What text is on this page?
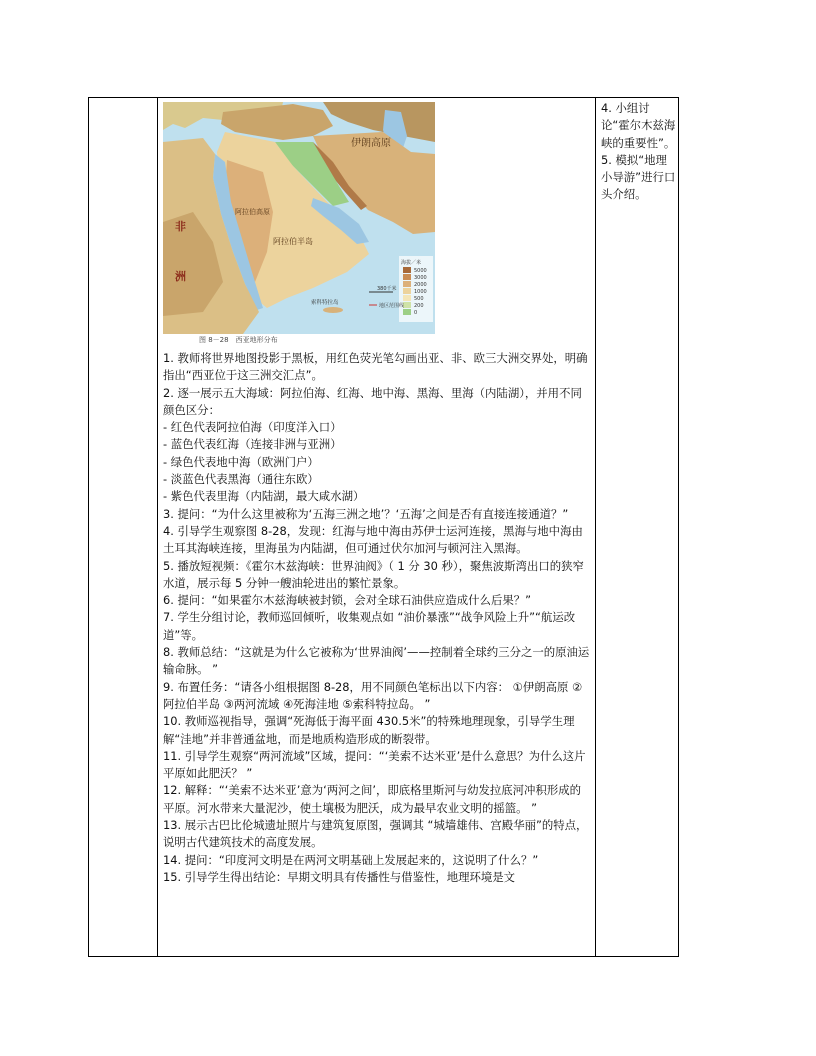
伊朗高原
阿拉伯半岛
阿拉伯高原
非
洲
索科特拉岛
海拔／米
5000
3000
2000
1000
500
200
0
380千米
地区范围线
图 8－28　西亚地形分布

1. 教师将世界地图投影于黑板，用红色荧光笔勾画出亚、非、欧三大洲交界处，明确指出“西亚位于这三洲交汇点”。

2. 逐一展示五大海域：阿拉伯海、红海、地中海、黑海、里海（内陆湖），并用不同颜色区分：

- 红色代表阿拉伯海（印度洋入口）

- 蓝色代表红海（连接非洲与亚洲）

- 绿色代表地中海（欧洲门户）

- 淡蓝色代表黑海（通往东欧）

- 紫色代表里海（内陆湖，最大咸水湖）

3. 提问：“为什么这里被称为‘五海三洲之地’？‘五海’之间是否有直接连接通道？”

4. 引导学生观察图 8-28，发现：红海与地中海由苏伊士运河连接，黑海与地中海由土耳其海峡连接，里海虽为内陆湖，但可通过伏尔加河与顿河注入黑海。

5. 播放短视频：《霍尔木兹海峡：世界油阀》（ 1 分 30 秒），聚焦波斯湾出口的狭窄水道，展示每 5 分钟一艘油轮进出的繁忙景象。

6. 提问：“如果霍尔木兹海峡被封锁，会对全球石油供应造成什么后果？”

7. 学生分组讨论，教师巡回倾听，收集观点如 “油价暴涨”“战争风险上升”“航运改道”等。

8. 教师总结：“这就是为什么它被称为‘世界油阀’——控制着全球约三分之一的原油运输命脉。 ”

9. 布置任务：“请各小组根据图 8-28，用不同颜色笔标出以下内容： ①伊朗高原 ②阿拉伯半岛 ③两河流域 ④死海洼地 ⑤索科特拉岛。 ”

10. 教师巡视指导，强调“死海低于海平面 430.5米”的特殊地理现象，引导学生理解“洼地”并非普通盆地，而是地质构造形成的断裂带。

11. 引导学生观察“两河流域”区域，提问：“‘美索不达米亚’是什么意思？为什么这片平原如此肥沃？ ”

12. 解释：“‘美索不达米亚’意为‘两河之间’，即底格里斯河与幼发拉底河冲积形成的平原。河水带来大量泥沙，使土壤极为肥沃，成为最早农业文明的摇篮。 ”

13. 展示古巴比伦城遗址照片与建筑复原图，强调其 “城墙雄伟、宫殿华丽”的特点，说明古代建筑技术的高度发展。

14. 提问：“印度河文明是在两河文明基础上发展起来的，这说明了什么？”

15. 引导学生得出结论：早期文明具有传播性与借鉴性，地理环境是文

4. 小组讨论“霍尔木兹海峡的重要性”。

5. 模拟“地理小导游”进行口头介绍。
